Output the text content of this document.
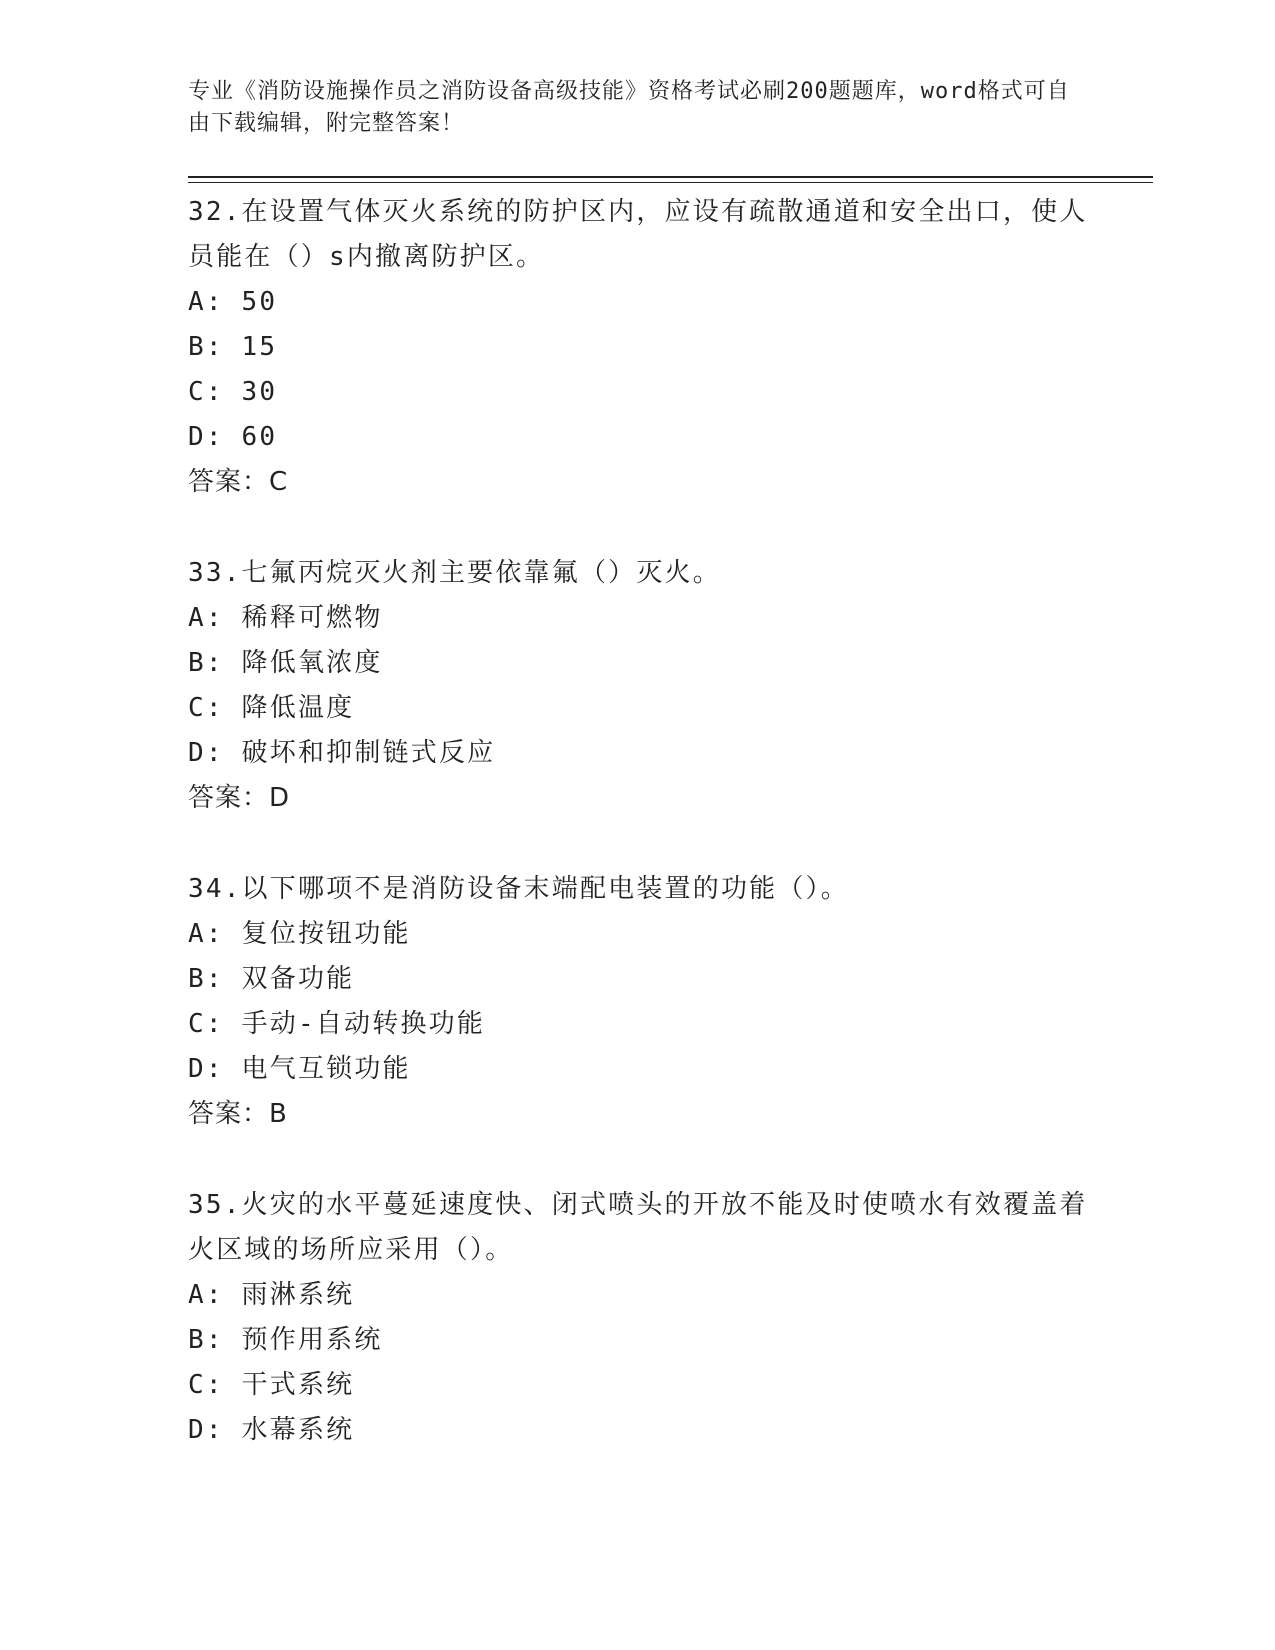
专业《消防设施操作员之消防设备高级技能》资格考试必刷200题题库，word格式可自由下载编辑，附完整答案！
32.在设置气体灭火系统的防护区内，应设有疏散通道和安全出口，使人员能在（）s内撤离防护区。
A: 50
B: 15
C: 30
D: 60
答案：C
33.七氟丙烷灭火剂主要依靠氟（）灭火。
A: 稀释可燃物
B: 降低氧浓度
C: 降低温度
D: 破坏和抑制链式反应
答案：D
34.以下哪项不是消防设备末端配电装置的功能（）。
A: 复位按钮功能
B: 双备功能
C: 手动-自动转换功能
D: 电气互锁功能
答案：B
35.火灾的水平蔓延速度快、闭式喷头的开放不能及时使喷水有效覆盖着火区域的场所应采用（）。
A: 雨淋系统
B: 预作用系统
C: 干式系统
D: 水幕系统
